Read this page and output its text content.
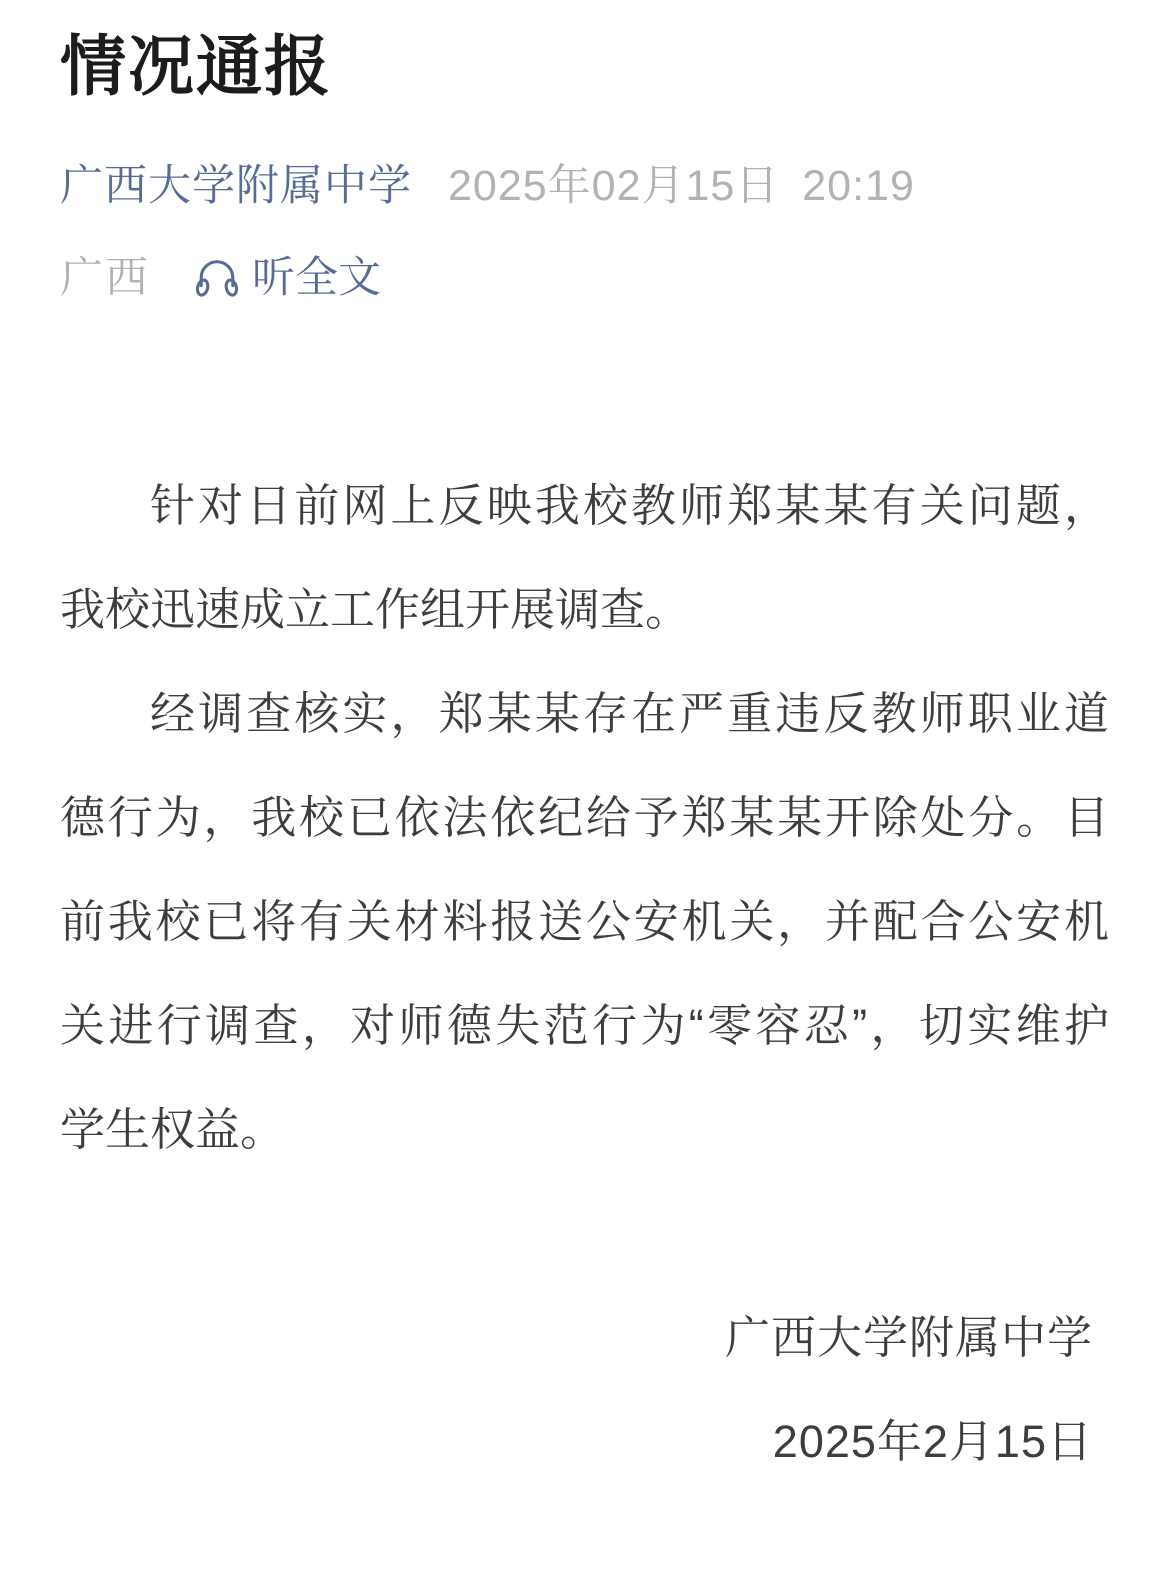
情况通报
广西大学附属中学 2025年02月15日 20:19
广西 听全文
针对日前网上反映我校教师郑某某有关问题，
我校迅速成立工作组开展调查。
经调查核实，郑某某存在严重违反教师职业道
德行为，我校已依法依纪给予郑某某开除处分。目
前我校已将有关材料报送公安机关，并配合公安机
关进行调查，对师德失范行为“零容忍”，切实维护
学生权益。
广西大学附属中学
2025年2月15日
